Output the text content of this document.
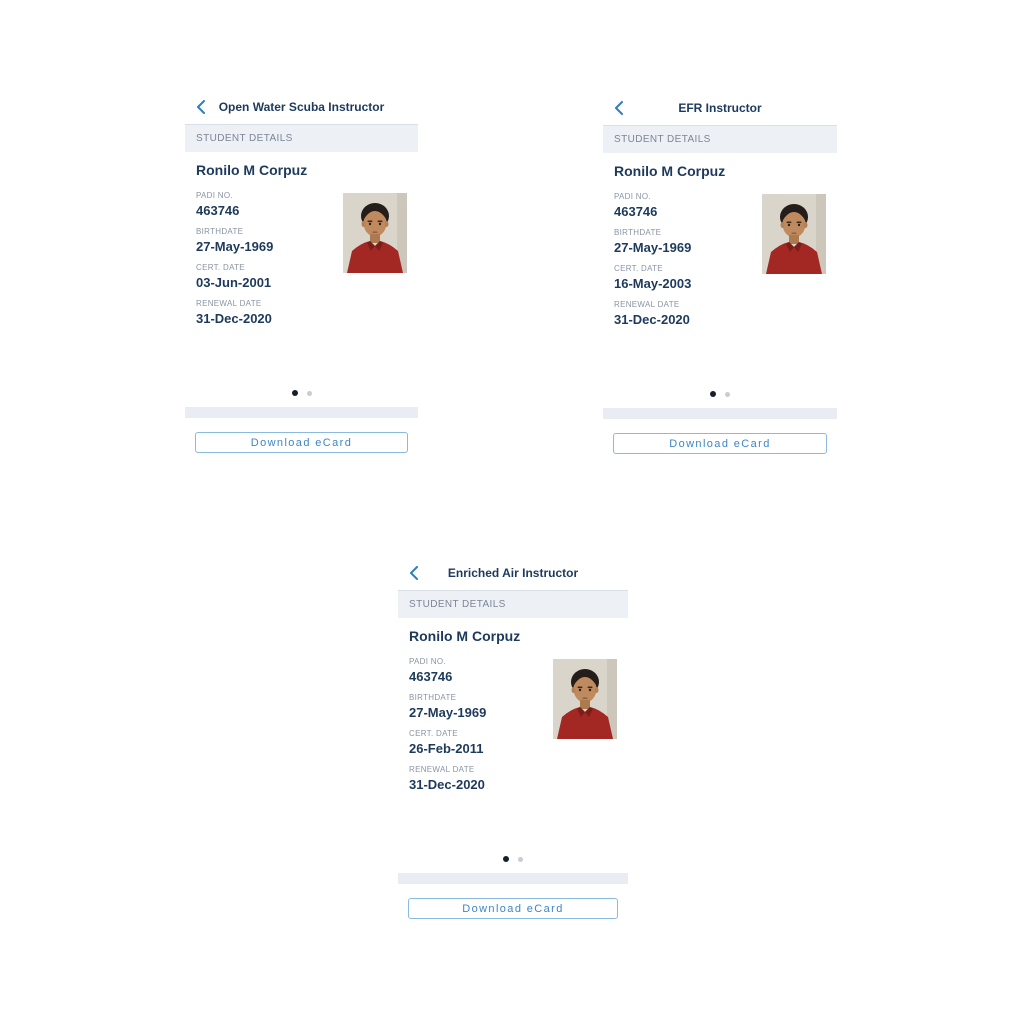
Open Water Scuba Instructor
STUDENT DETAILS
Ronilo M Corpuz
PADI NO.
463746
BIRTHDATE
27-May-1969
CERT. DATE
03-Jun-2001
RENEWAL DATE
31-Dec-2020
Download eCard
EFR Instructor
STUDENT DETAILS
Ronilo M Corpuz
PADI NO.
463746
BIRTHDATE
27-May-1969
CERT. DATE
16-May-2003
RENEWAL DATE
31-Dec-2020
Download eCard
Enriched Air Instructor
STUDENT DETAILS
Ronilo M Corpuz
PADI NO.
463746
BIRTHDATE
27-May-1969
CERT. DATE
26-Feb-2011
RENEWAL DATE
31-Dec-2020
Download eCard
